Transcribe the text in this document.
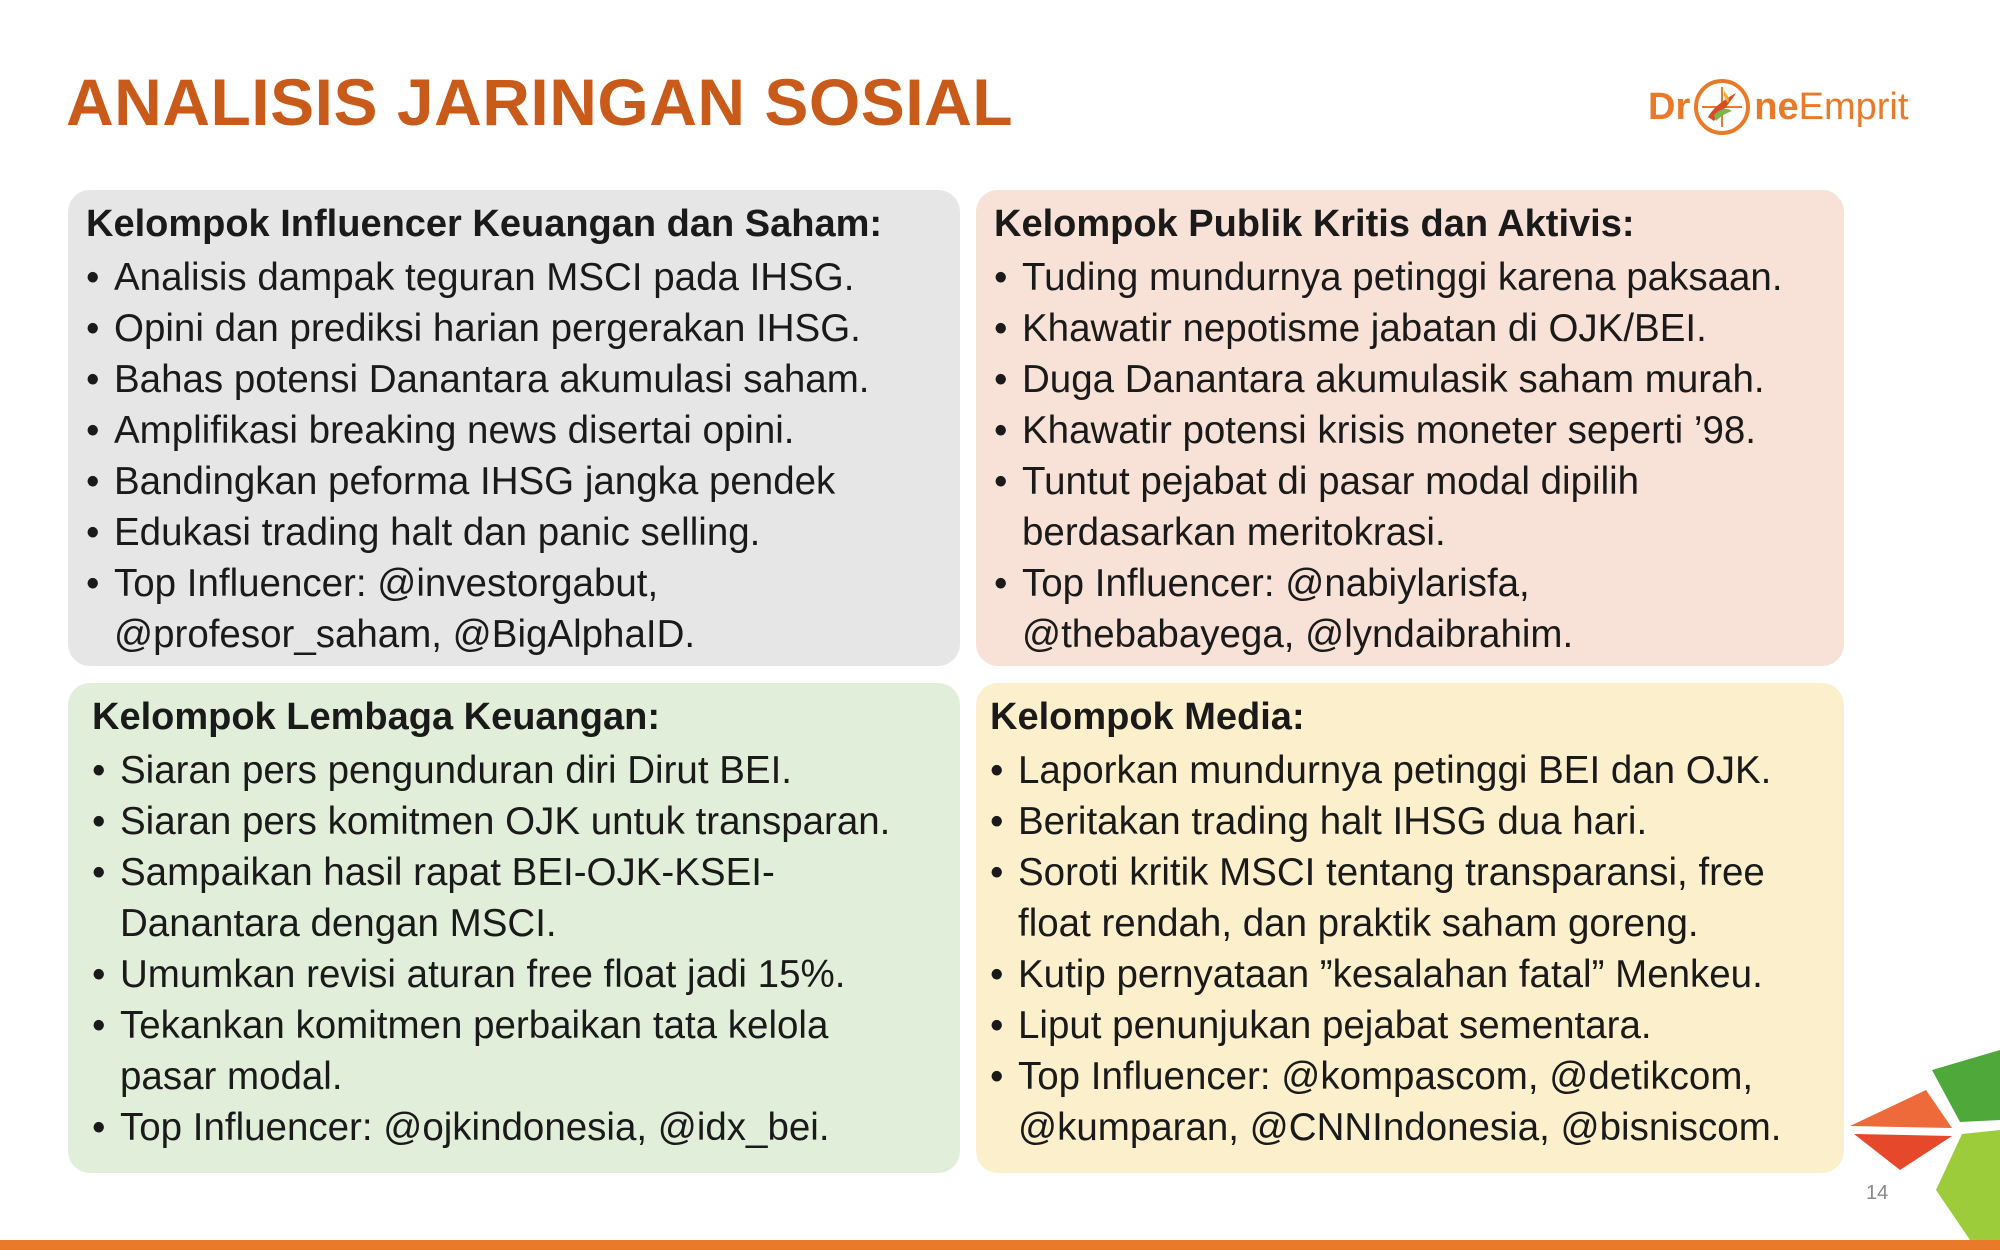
ANALISIS JARINGAN SOSIAL	Dr ne Emprit
Kelompok Influencer Keuangan dan Saham:
• Analisis dampak teguran MSCI pada IHSG.
• Opini dan prediksi harian pergerakan IHSG.
• Bahas potensi Danantara akumulasi saham.
• Amplifikasi breaking news disertai opini.
• Bandingkan peforma IHSG jangka pendek
• Edukasi trading halt dan panic selling.
• Top Influencer: @investorgabut,
@profesor_saham, @BigAlphaID.
Kelompok Publik Kritis dan Aktivis:
• Tuding mundurnya petinggi karena paksaan.
• Khawatir nepotisme jabatan di OJK/BEI.
• Duga Danantara akumulasik saham murah.
• Khawatir potensi krisis moneter seperti ’98.
• Tuntut pejabat di pasar modal dipilih
berdasarkan meritokrasi.
• Top Influencer: @nabiylarisfa,
@thebabayega, @lyndaibrahim.
Kelompok Lembaga Keuangan:
• Siaran pers pengunduran diri Dirut BEI.
• Siaran pers komitmen OJK untuk transparan.
• Sampaikan hasil rapat BEI-OJK-KSEI-
Danantara dengan MSCI.
• Umumkan revisi aturan free float jadi 15%.
• Tekankan komitmen perbaikan tata kelola
pasar modal.
• Top Influencer: @ojkindonesia, @idx_bei.
Kelompok Media:
• Laporkan mundurnya petinggi BEI dan OJK.
• Beritakan trading halt IHSG dua hari.
• Soroti kritik MSCI tentang transparansi, free
float rendah, dan praktik saham goreng.
• Kutip pernyataan ”kesalahan fatal” Menkeu.
• Liput penunjukan pejabat sementara.
• Top Influencer: @kompascom, @detikcom,
@kumparan, @CNNIndonesia, @bisniscom.
14
